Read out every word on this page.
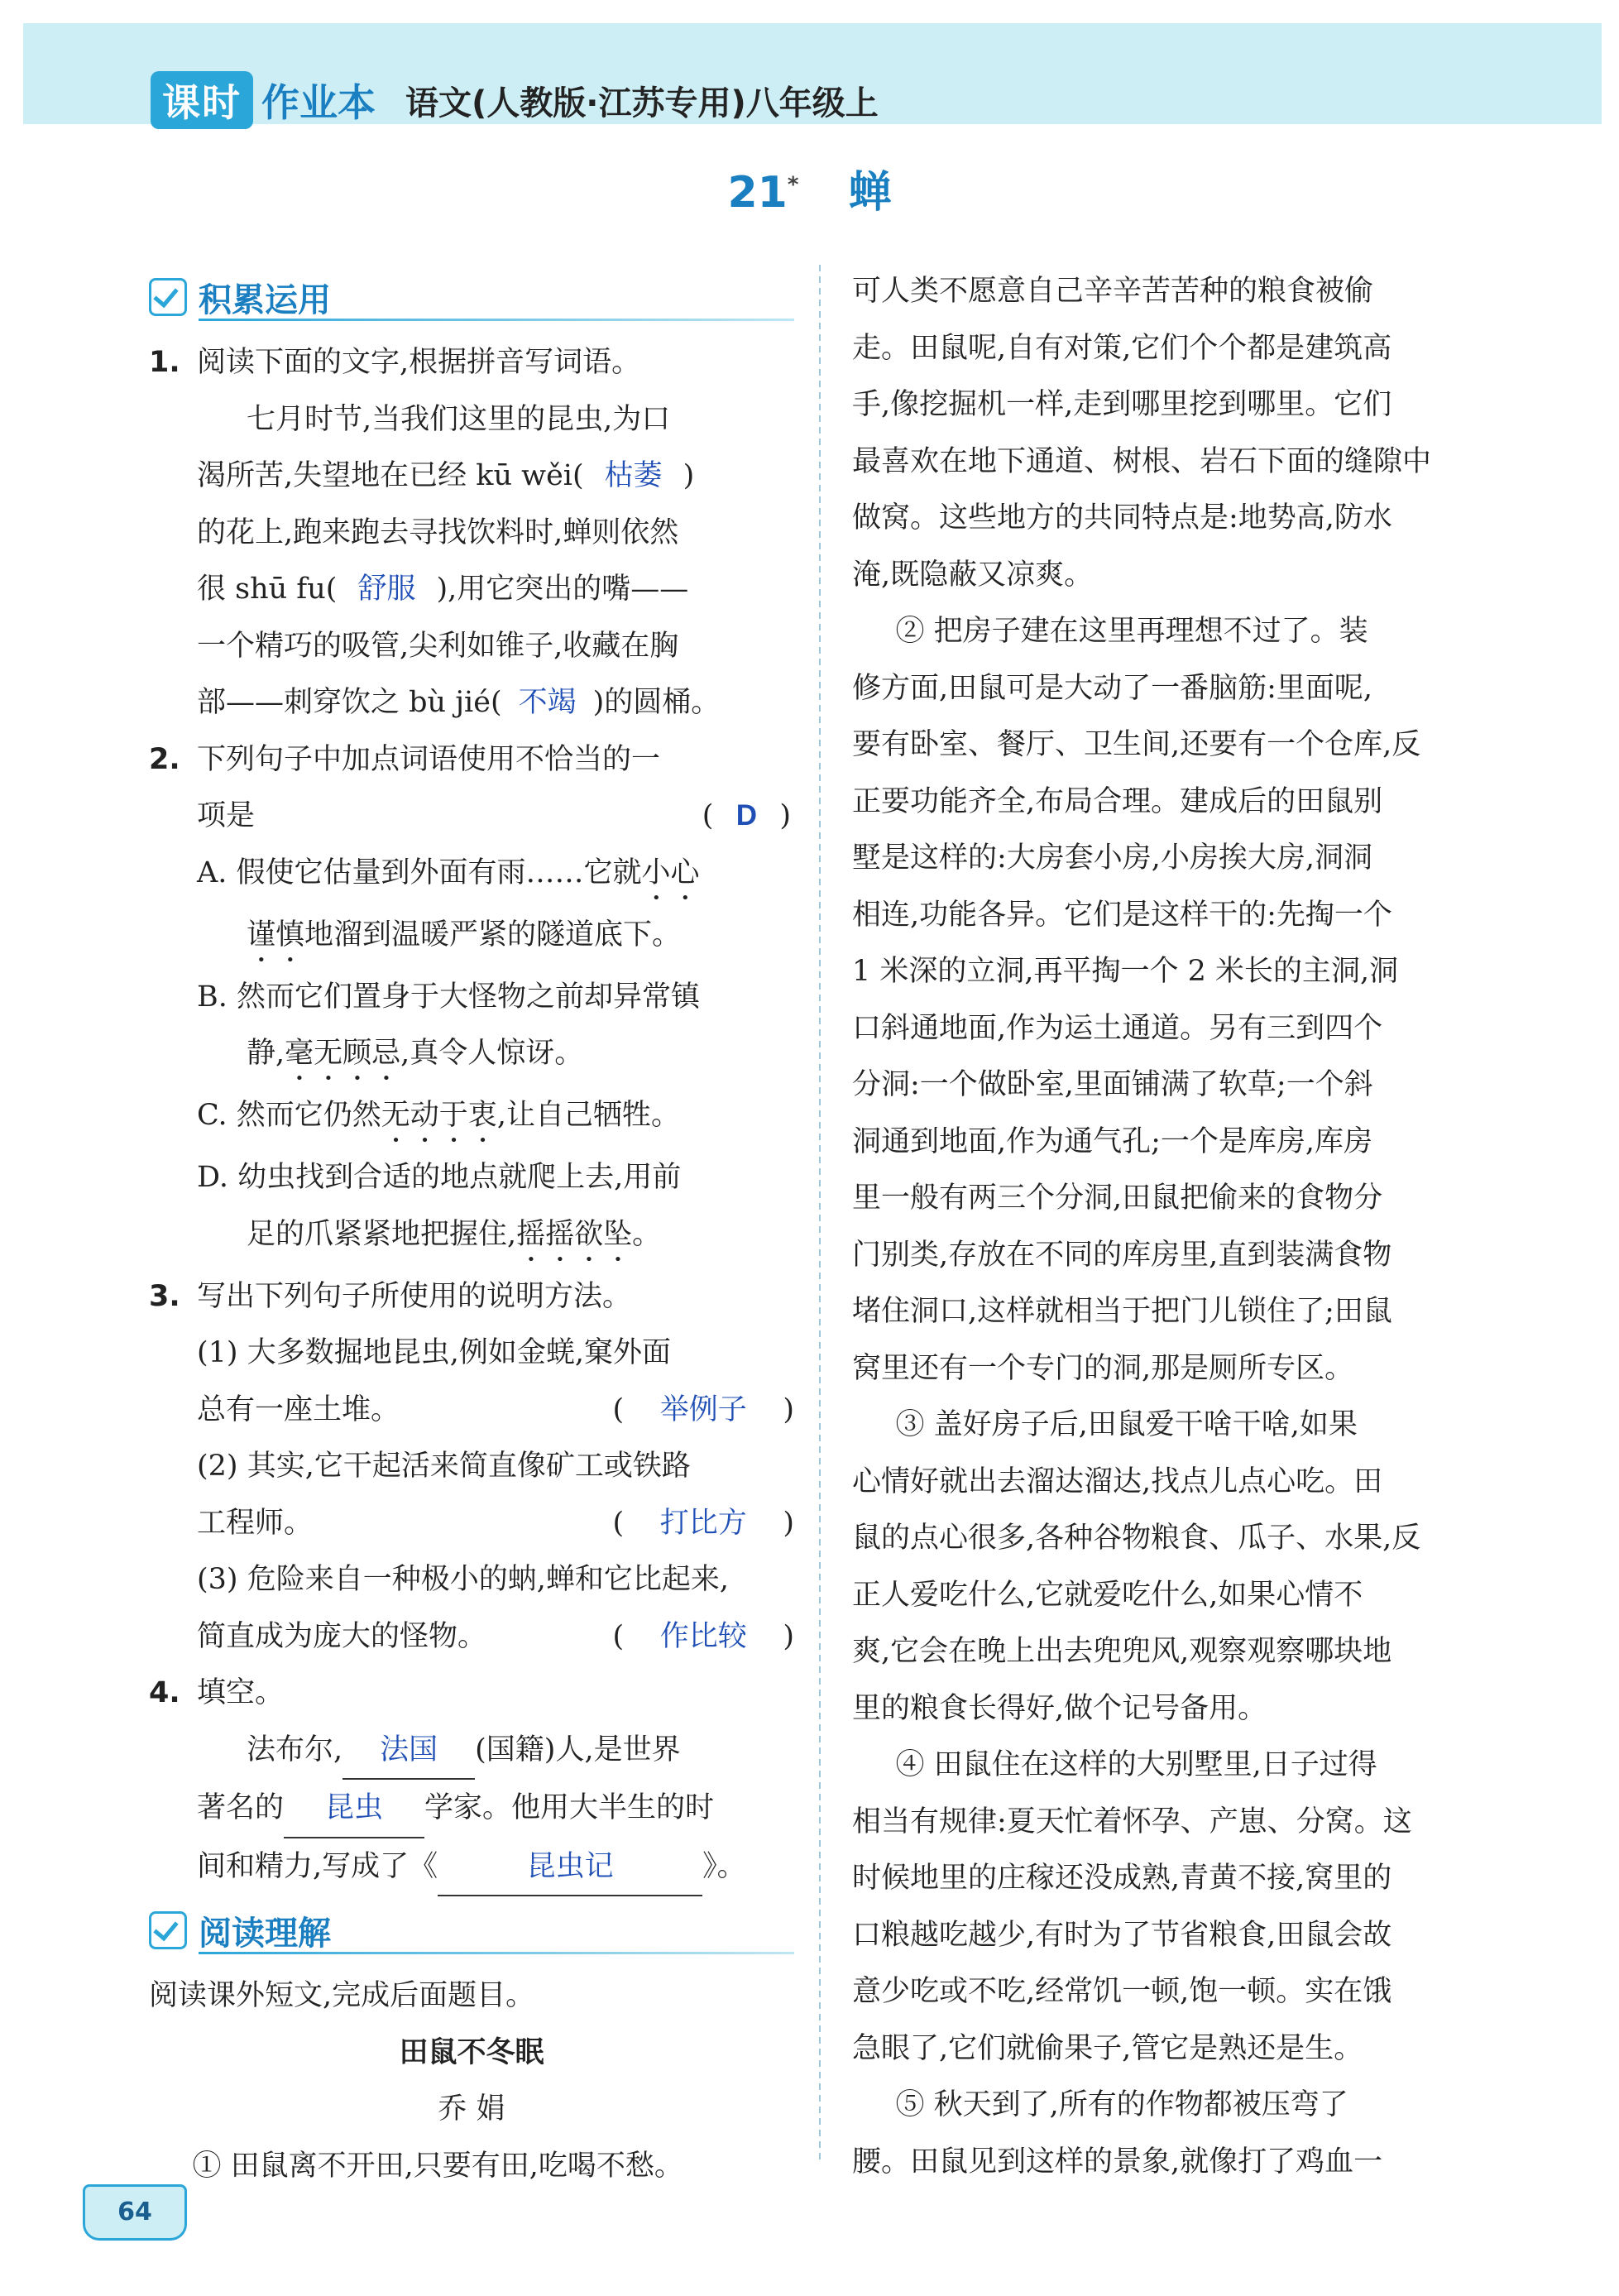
课时 作业本 语文(人教版·江苏专用)八年级上
21* 蝉
积累运用
1. 阅读下面的文字,根据拼音写词语。
七月时节,当我们这里的昆虫,为口
渴所苦,失望地在已经 kū wěi( 枯萎 )
的花上,跑来跑去寻找饮料时,蝉则依然
很 shū fu( 舒服 ),用它突出的嘴——
一个精巧的吸管,尖利如锥子,收藏在胸
部——刺穿饮之 bù jié( 不竭 )的圆桶。
2. 下列句子中加点词语使用不恰当的一
项是	( D )
A. 假使它估量到外面有雨……它就小心
谨慎地溜到温暖严紧的隧道底下。
B. 然而它们置身于大怪物之前却异常镇
静,毫无顾忌,真令人惊讶。
C. 然而它仍然无动于衷,让自己牺牲。
D. 幼虫找到合适的地点就爬上去,用前
足的爪紧紧地把握住,摇摇欲坠。
3. 写出下列句子所使用的说明方法。
(1) 大多数掘地昆虫,例如金蜣,窠外面
总有一座土堆。	( 举例子 )
(2) 其实,它干起活来简直像矿工或铁路
工程师。	( 打比方 )
(3) 危险来自一种极小的蚋,蝉和它比起来,
简直成为庞大的怪物。	( 作比较 )
4. 填空。
法布尔, 法国 (国籍)人,是世界
著名的 昆虫 学家。他用大半生的时
间和精力,写成了《	昆虫记	》。
阅读理解
阅读课外短文,完成后面题目。
田鼠不冬眠
乔 娟
① 田鼠离不开田,只要有田,吃喝不愁。
可人类不愿意自己辛辛苦苦种的粮食被偷
走。田鼠呢,自有对策,它们个个都是建筑高
手,像挖掘机一样,走到哪里挖到哪里。它们
最喜欢在地下通道、树根、岩石下面的缝隙中
做窝。这些地方的共同特点是:地势高,防水
淹,既隐蔽又凉爽。
② 把房子建在这里再理想不过了。装
修方面,田鼠可是大动了一番脑筋:里面呢,
要有卧室、餐厅、卫生间,还要有一个仓库,反
正要功能齐全,布局合理。建成后的田鼠别
墅是这样的:大房套小房,小房挨大房,洞洞
相连,功能各异。它们是这样干的:先掏一个
1 米深的立洞,再平掏一个 2 米长的主洞,洞
口斜通地面,作为运土通道。另有三到四个
分洞:一个做卧室,里面铺满了软草;一个斜
洞通到地面,作为通气孔;一个是库房,库房
里一般有两三个分洞,田鼠把偷来的食物分
门别类,存放在不同的库房里,直到装满食物
堵住洞口,这样就相当于把门儿锁住了;田鼠
窝里还有一个专门的洞,那是厕所专区。
③ 盖好房子后,田鼠爱干啥干啥,如果
心情好就出去溜达溜达,找点儿点心吃。田
鼠的点心很多,各种谷物粮食、瓜子、水果,反
正人爱吃什么,它就爱吃什么,如果心情不
爽,它会在晚上出去兜兜风,观察观察哪块地
里的粮食长得好,做个记号备用。
④ 田鼠住在这样的大别墅里,日子过得
相当有规律:夏天忙着怀孕、产崽、分窝。这
时候地里的庄稼还没成熟,青黄不接,窝里的
口粮越吃越少,有时为了节省粮食,田鼠会故
意少吃或不吃,经常饥一顿,饱一顿。实在饿
急眼了,它们就偷果子,管它是熟还是生。
⑤ 秋天到了,所有的作物都被压弯了
腰。田鼠见到这样的景象,就像打了鸡血一
64
